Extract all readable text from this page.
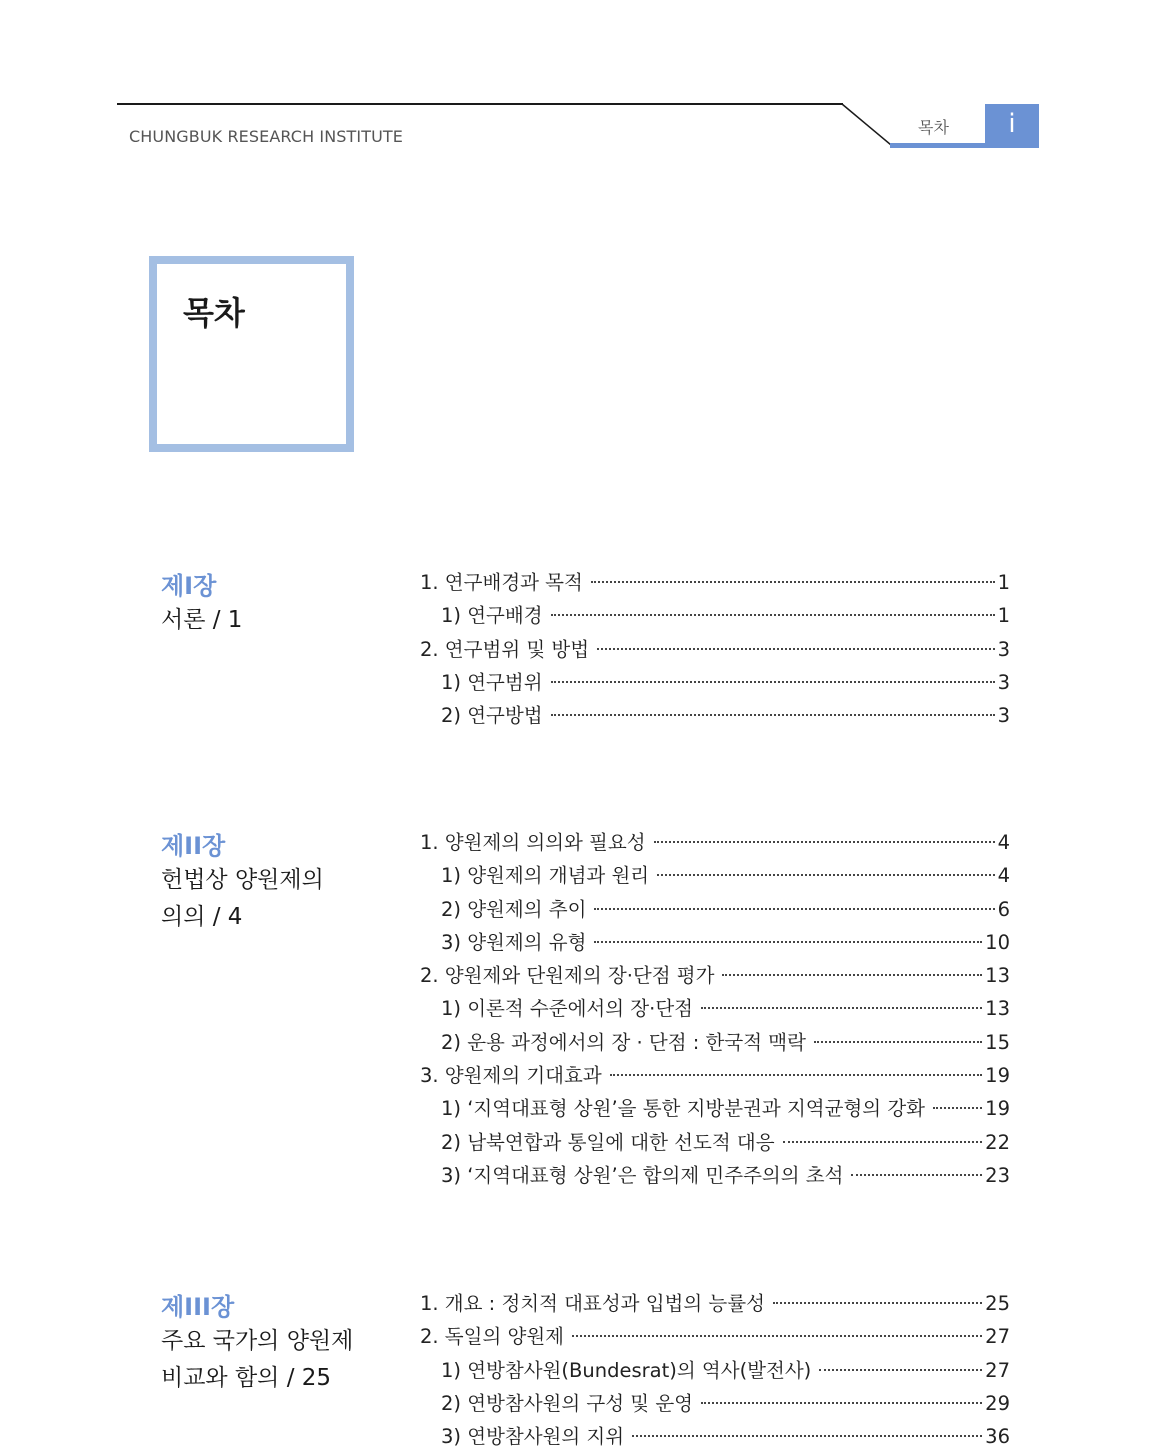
CHUNGBUK RESEARCH INSTITUTE	목차	i
목차
제I장
서론 / 1
1. 연구배경과 목적	1
1) 연구배경	1
2. 연구범위 및 방법	3
1) 연구범위	3
2) 연구방법	3
제II장
헌법상 양원제의
의의 / 4
1. 양원제의 의의와 필요성	4
1) 양원제의 개념과 원리	4
2) 양원제의 추이	6
3) 양원제의 유형	10
2. 양원제와 단원제의 장·단점 평가	13
1) 이론적 수준에서의 장·단점	13
2) 운용 과정에서의 장 · 단점 : 한국적 맥락	15
3. 양원제의 기대효과	19
1) ‘지역대표형 상원’을 통한 지방분권과 지역균형의 강화	19
2) 남북연합과 통일에 대한 선도적 대응	22
3) ‘지역대표형 상원’은 합의제 민주주의의 초석	23
제III장
주요 국가의 양원제
비교와 함의 / 25
1. 개요 : 정치적 대표성과 입법의 능률성	25
2. 독일의 양원제	27
1) 연방참사원(Bundesrat)의 역사(발전사)	27
2) 연방참사원의 구성 및 운영	29
3) 연방참사원의 지위	36
